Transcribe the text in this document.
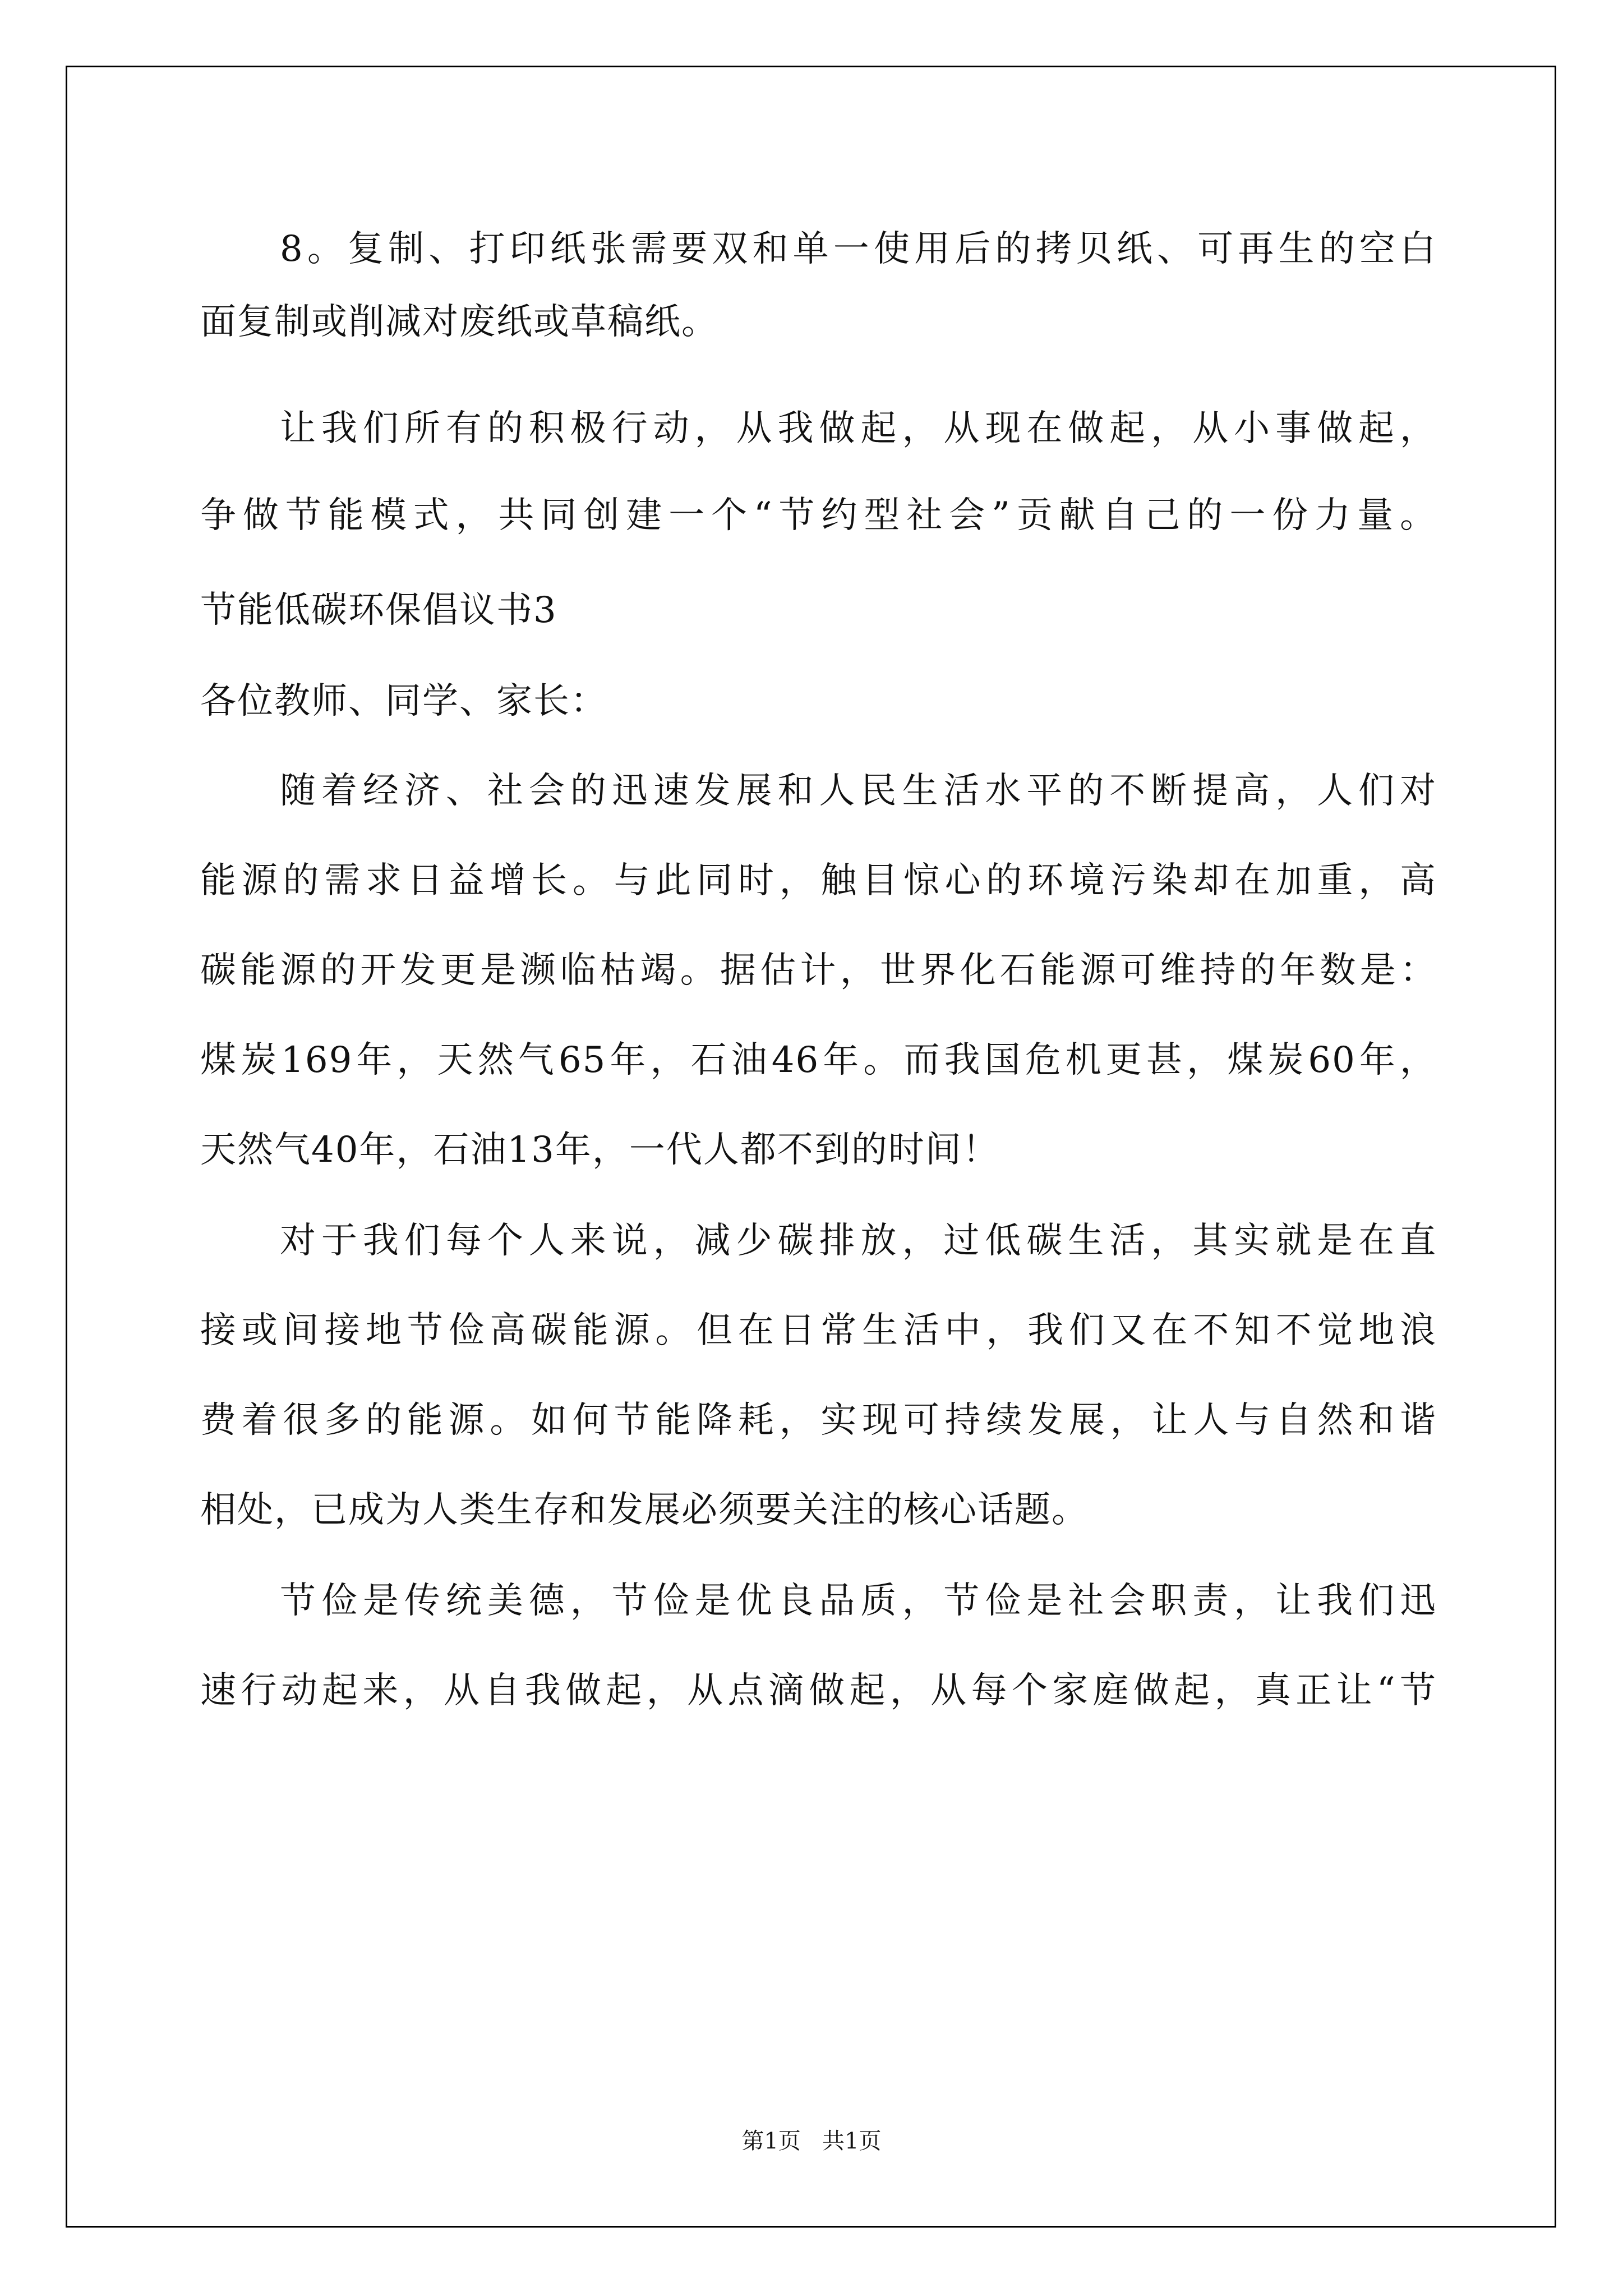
8。复制、打印纸张需要双和单一使用后的拷贝纸、可再生的空白
面复制或削减对废纸或草稿纸。
让我们所有的积极行动，从我做起，从现在做起，从小事做起，
争做节能模式，共同创建一个“节约型社会”贡献自己的一份力量。
节能低碳环保倡议书3
各位教师、同学、家长：
随着经济、社会的迅速发展和人民生活水平的不断提高，人们对
能源的需求日益增长。与此同时，触目惊心的环境污染却在加重，高
碳能源的开发更是濒临枯竭。据估计，世界化石能源可维持的年数是：
煤炭169年，天然气65年，石油46年。而我国危机更甚，煤炭60年，
天然气40年，石油13年，一代人都不到的时间！
对于我们每个人来说，减少碳排放，过低碳生活，其实就是在直
接或间接地节俭高碳能源。但在日常生活中，我们又在不知不觉地浪
费着很多的能源。如何节能降耗，实现可持续发展，让人与自然和谐
相处，已成为人类生存和发展必须要关注的核心话题。
节俭是传统美德，节俭是优良品质，节俭是社会职责，让我们迅
速行动起来，从自我做起，从点滴做起，从每个家庭做起，真正让“节
第1页   共1页
